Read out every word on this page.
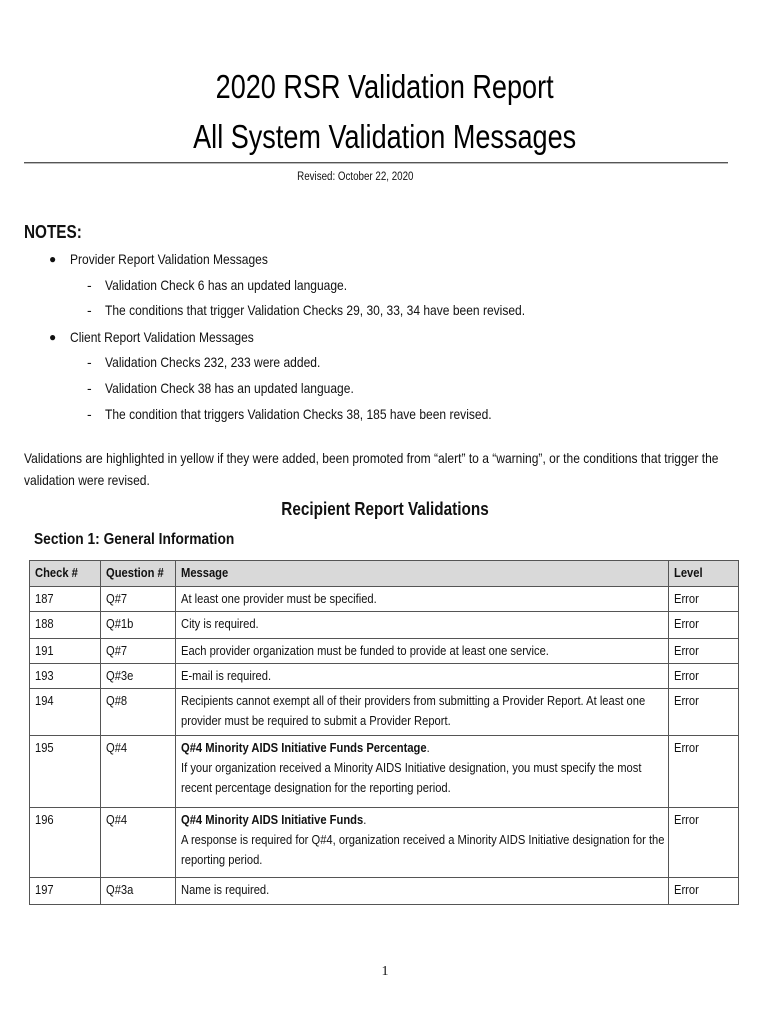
2020 RSR Validation Report
All System Validation Messages
Revised: October 22, 2020
NOTES:
● Provider Report Validation Messages
- Validation Check 6 has an updated language.
- The conditions that trigger Validation Checks 29, 30, 33, 34 have been revised.
● Client Report Validation Messages
- Validation Checks 232, 233 were added.
- Validation Check 38 has an updated language.
- The condition that triggers Validation Checks 38, 185 have been revised.
Validations are highlighted in yellow if they were added, been promoted from “alert” to a “warning”, or the conditions that trigger the
validation were revised.
Recipient Report Validations
Section 1: General Information
Check #	Question #	Message	Level

187	Q#7	At least one provider must be specified.	Error

188	Q#1b	City is required.	Error

191	Q#7	Each provider organization must be funded to provide at least one service.	Error

193	Q#3e	E-mail is required.	Error

194	Q#8	Recipients cannot exempt all of their providers from submitting a Provider Report. At least one
provider must be required to submit a Provider Report.	Error

195	Q#4	Q#4 Minority AIDS Initiative Funds Percentage.
If your organization received a Minority AIDS Initiative designation, you must specify the most
recent percentage designation for the reporting period.	Error

196	Q#4	Q#4 Minority AIDS Initiative Funds.
A response is required for Q#4, organization received a Minority AIDS Initiative designation for the
reporting period.	Error

197	Q#3a	Name is required.	Error
1
